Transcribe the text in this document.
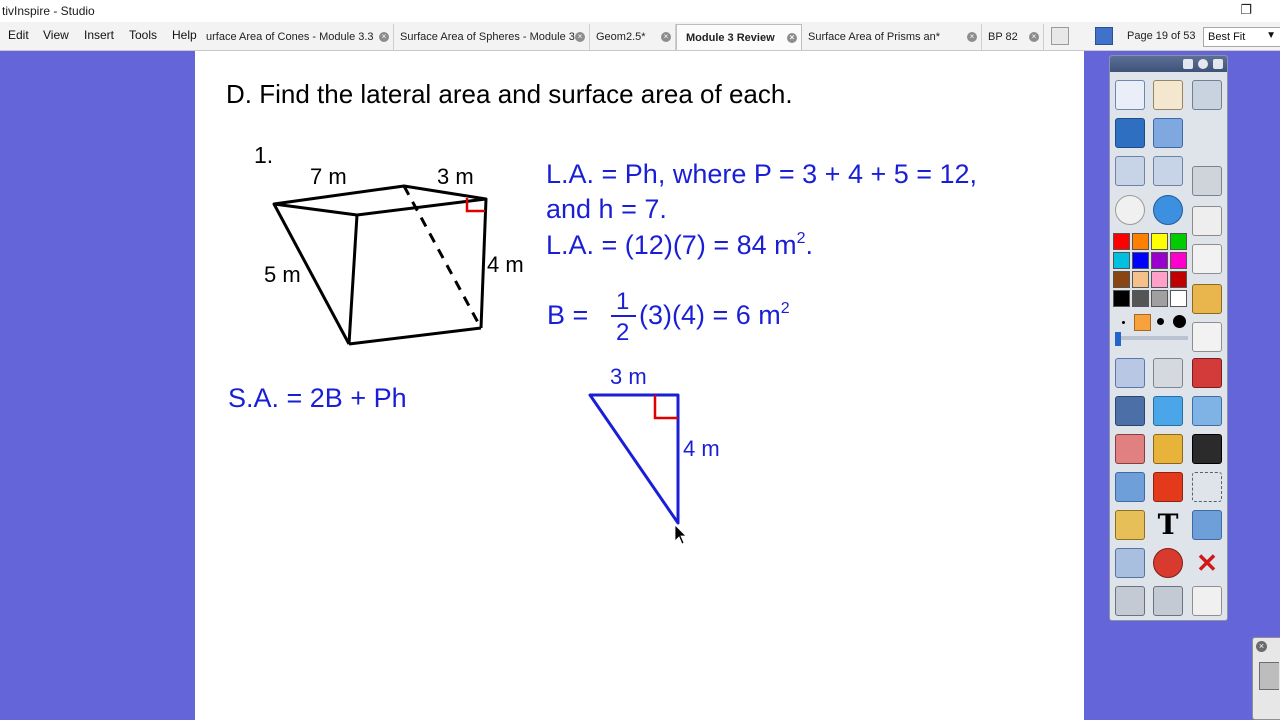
tivInspire - Studio	❐
Edit View Insert Tools Help urface Area of Cones - Module 3.3	× Surface Area of Spheres - Module 3 × Geom2.5*	× Module 3 Review	× Surface Area of Prisms an*	× BP 82	×	Page 19 of 53	Best Fit ▼
D. Find the lateral area and surface area of each.
1.
7 m	3 m
5 m	4 m
L.A. = Ph, where P = 3 + 4 + 5 = 12,
and h = 7.
L.A. = (12)(7) = 84 $m^2$.
B = 1
2
(3)(4) = 6 $m^2$
S.A. = 2B + Ph
3 m
4 m
T
✕
×
